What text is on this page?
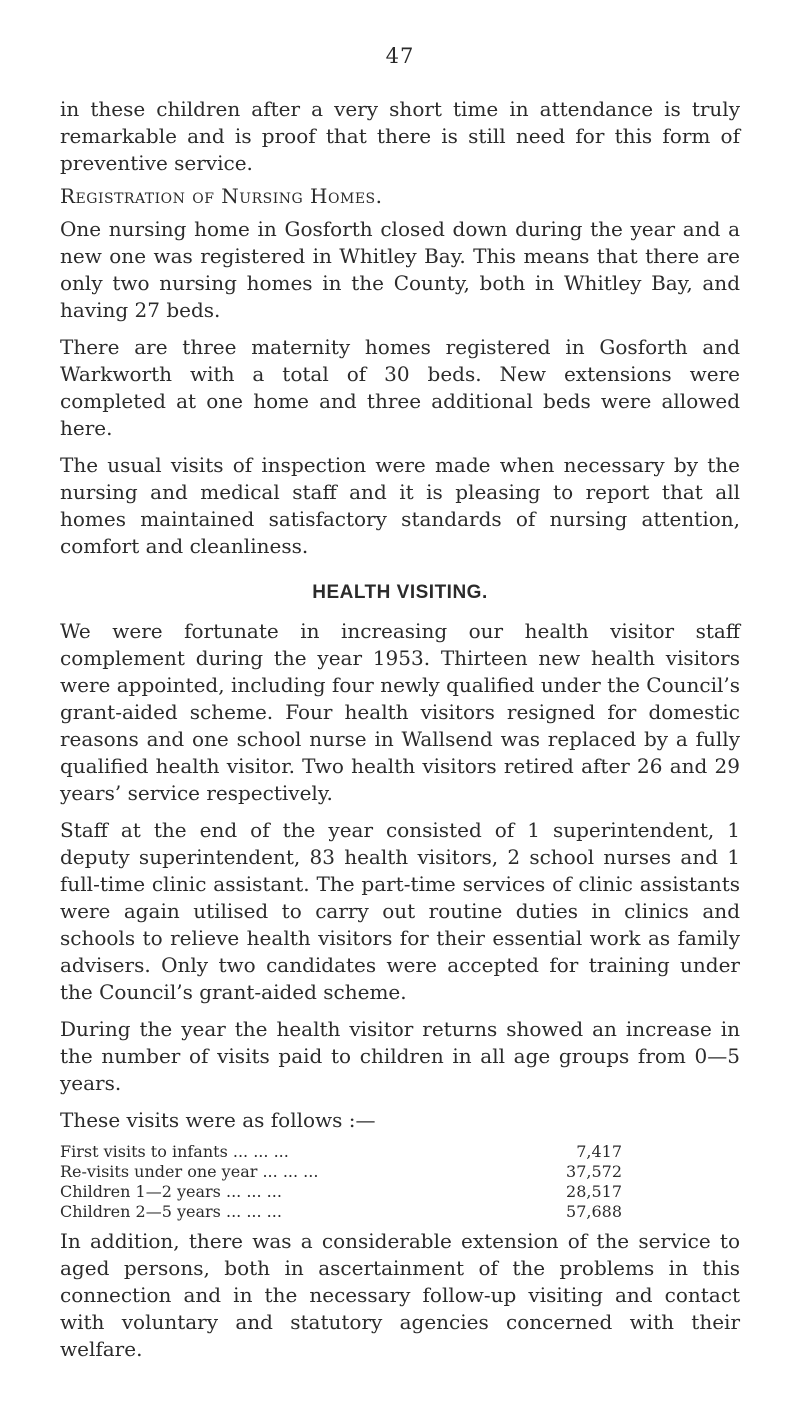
47

in these children after a very short time in attendance is truly remarkable and is proof that there is still need for this form of preventive service.

Registration of Nursing Homes.

One nursing home in Gosforth closed down during the year and a new one was registered in Whitley Bay. This means that there are only two nursing homes in the County, both in Whitley Bay, and having 27 beds.

There are three maternity homes registered in Gosforth and Warkworth with a total of 30 beds. New extensions were completed at one home and three additional beds were allowed here.

The usual visits of inspection were made when necessary by the nursing and medical staff and it is pleasing to report that all homes maintained satisfactory standards of nursing attention, comfort and cleanliness.

HEALTH VISITING.

We were fortunate in increasing our health visitor staff complement during the year 1953. Thirteen new health visitors were appointed, including four newly qualified under the Council’s grant-aided scheme. Four health visitors resigned for domestic reasons and one school nurse in Wallsend was replaced by a fully qualified health visitor. Two health visitors retired after 26 and 29 years’ service respectively.

Staff at the end of the year consisted of 1 superintendent, 1 deputy superintendent, 83 health visitors, 2 school nurses and 1 full-time clinic assistant. The part-time services of clinic assistants were again utilised to carry out routine duties in clinics and schools to relieve health visitors for their essential work as family advisers. Only two candidates were accepted for training under the Council’s grant-aided scheme.

During the year the health visitor returns showed an increase in the number of visits paid to children in all age groups from 0—5 years.

These visits were as follows :—

First visits to infants ... ... ...	7,417
Re-visits under one year ... ... ...	37,572
Children 1—2 years ... ... ...	28,517
Children 2—5 years ... ... ...	57,688

In addition, there was a considerable extension of the service to aged persons, both in ascertainment of the problems in this connection and in the necessary follow-up visiting and contact with voluntary and statutory agencies concerned with their welfare.
